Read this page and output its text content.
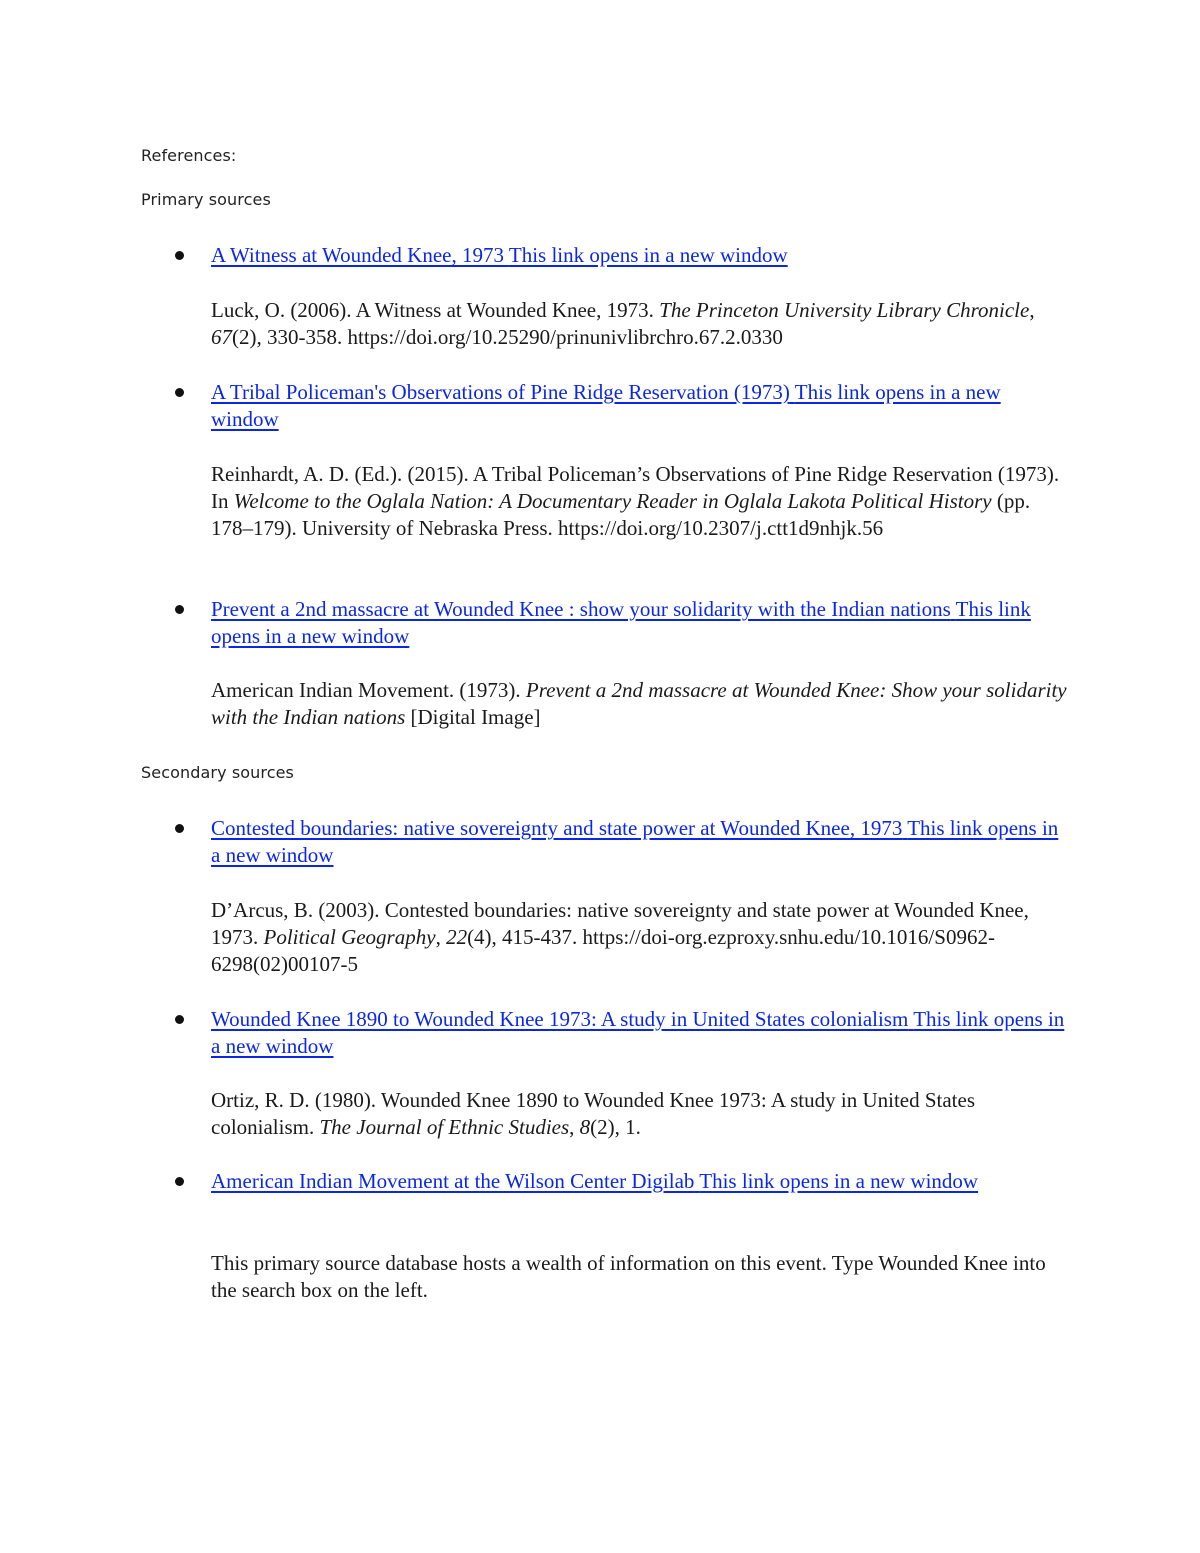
References:
Primary sources
A Witness at Wounded Knee, 1973 This link opens in a new window
Luck, O. (2006). A Witness at Wounded Knee, 1973. The Princeton University Library Chronicle, 67(2), 330-358. https://doi.org/10.25290/prinunivlibrchro.67.2.0330
A Tribal Policeman's Observations of Pine Ridge Reservation (1973) This link opens in a new window
Reinhardt, A. D. (Ed.). (2015). A Tribal Policeman’s Observations of Pine Ridge Reservation (1973). In Welcome to the Oglala Nation: A Documentary Reader in Oglala Lakota Political History (pp. 178–179). University of Nebraska Press. https://doi.org/10.2307/j.ctt1d9nhjk.56
Prevent a 2nd massacre at Wounded Knee : show your solidarity with the Indian nations This link opens in a new window
American Indian Movement. (1973). Prevent a 2nd massacre at Wounded Knee: Show your solidarity with the Indian nations [Digital Image]
Secondary sources
Contested boundaries: native sovereignty and state power at Wounded Knee, 1973 This link opens in a new window
D’Arcus, B. (2003). Contested boundaries: native sovereignty and state power at Wounded Knee, 1973. Political Geography, 22(4), 415-437. https://doi-org.ezproxy.snhu.edu/10.1016/S0962-6298(02)00107-5
Wounded Knee 1890 to Wounded Knee 1973: A study in United States colonialism This link opens in a new window
Ortiz, R. D. (1980). Wounded Knee 1890 to Wounded Knee 1973: A study in United States colonialism. The Journal of Ethnic Studies, 8(2), 1.
American Indian Movement at the Wilson Center Digilab This link opens in a new window
This primary source database hosts a wealth of information on this event. Type Wounded Knee into the search box on the left.
